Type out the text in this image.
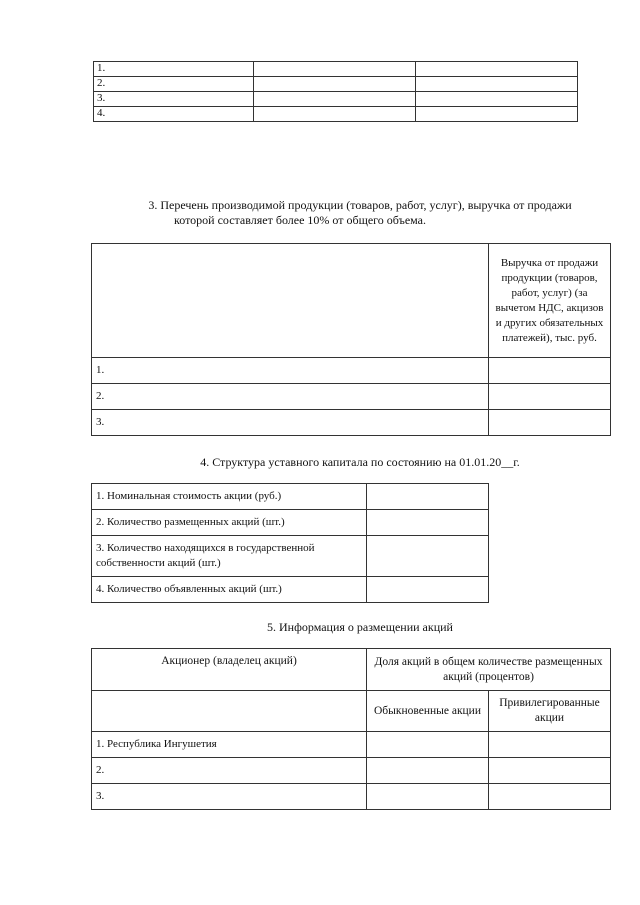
1.		
2.		
3.		
4.		
3. Перечень производимой продукции (товаров, работ, услуг), выручка от продажи
которой составляет более 10% от общего объема.
	Выручка от продажи продукции (товаров, работ, услуг) (за вычетом НДС, акцизов и других обязательных платежей), тыс. руб.
1.	
2.	
3.	
4. Структура уставного капитала по состоянию на 01.01.20__г.
1. Номинальная стоимость акции (руб.)	
2. Количество размещенных акций (шт.)	
3. Количество находящихся в государственной собственности акций (шт.)	
4. Количество объявленных акций (шт.)	
5. Информация о размещении акций
Акционер (владелец акций)	Доля акций в общем количестве размещенных акций (процентов)	
	Обыкновенные акции	Привилегированные акции
1. Республика Ингушетия		
2.		
3.		
